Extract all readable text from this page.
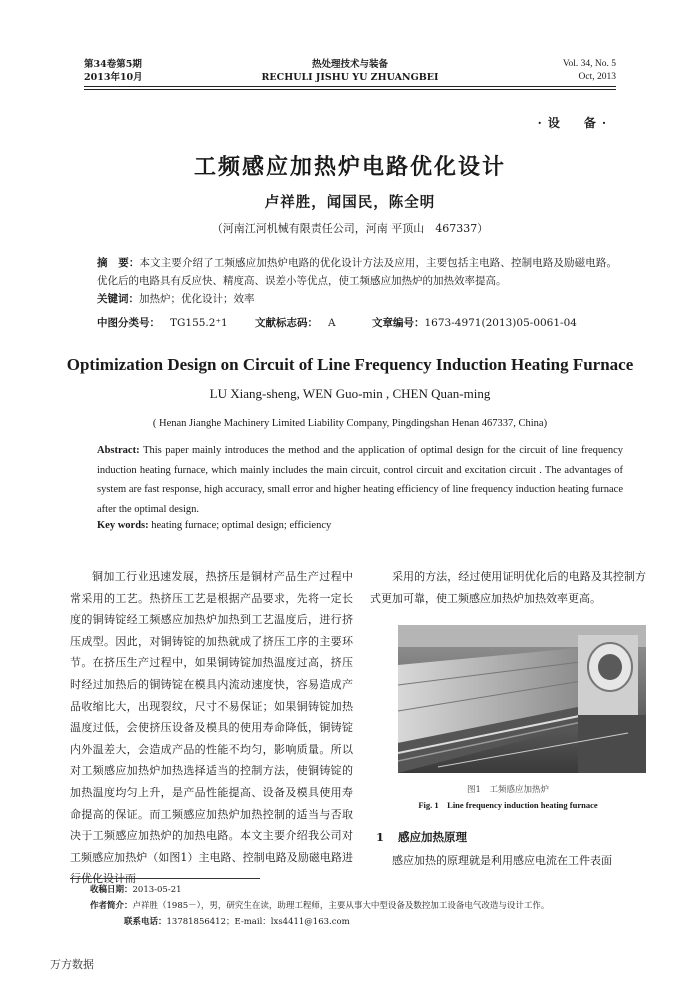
第34卷第5期
2013年10月
热处理技术与装备
RECHULI JISHU YU ZHUANGBEI
Vol. 34, No. 5
Oct, 2013
·设　备·
工频感应加热炉电路优化设计
卢祥胜，闻国民，陈全明
（河南江河机械有限责任公司，河南 平顶山　467337）
摘　要：本文主要介绍了工频感应加热炉电路的优化设计方法及应用，主要包括主电路、控制电路及励磁电路。优化后的电路具有反应快、精度高、误差小等优点，使工频感应加热炉的加热效率提高。
关键词：加热炉；优化设计；效率
中图分类号： TG155.2⁺1	文献标志码： A	文章编号：1673-4971(2013)05-0061-04
Optimization Design on Circuit of Line Frequency Induction Heating Furnace
LU Xiang-sheng, WEN Guo-min , CHEN Quan-ming
( Henan Jianghe Machinery Limited Liability Company, Pingdingshan Henan 467337, China)
Abstract: This paper mainly introduces the method and the application of optimal design for the circuit of line frequency induction heating furnace, which mainly includes the main circuit, control circuit and excitation circuit . The advantages of system are fast response, high accuracy, small error and higher heating efficiency of line frequency induction heating furnace after the optimal design.
Key words: heating furnace; optimal design; efficiency

铜加工行业迅速发展，热挤压是铜材产品生产过程中常采用的工艺。热挤压工艺是根据产品要求，先将一定长度的铜铸锭经工频感应加热炉加热到工艺温度后，进行挤压成型。因此，对铜铸锭的加热就成了挤压工序的主要环节。在挤压生产过程中，如果铜铸锭加热温度过高，挤压时经过加热后的铜铸锭在模具内流动速度快，容易造成产品收缩比大，出现裂纹，尺寸不易保证；如果铜铸锭加热温度过低，会使挤压设备及模具的使用寿命降低，铜铸锭内外温差大，会造成产品的性能不均匀，影响质量。所以对工频感应加热炉加热选择适当的控制方法，使铜铸锭的加热温度均匀上升，是产品性能提高、设备及模具使用寿命提高的保证。而工频感应加热炉加热控制的适当与否取决于工频感应加热炉的加热电路。本文主要介绍我公司对工频感应加热炉（如图1）主电路、控制电路及励磁电路进行优化设计而

采用的方法，经过使用证明优化后的电路及其控制方式更加可靠，使工频感应加热炉加热效率更高。

图1　工频感应加热炉
Fig. 1　Line frequency induction heating furnace
1 感应加热原理

感应加热的原理就是利用感应电流在工件表面

收稿日期：2013-05-21
作者简介：卢祥胜（1985－），男，研究生在读，助理工程师，主要从事大中型设备及数控加工设备电气改造与设计工作。
联系电话：13781856412；E-mail：lxs4411@163.com
万方数据
